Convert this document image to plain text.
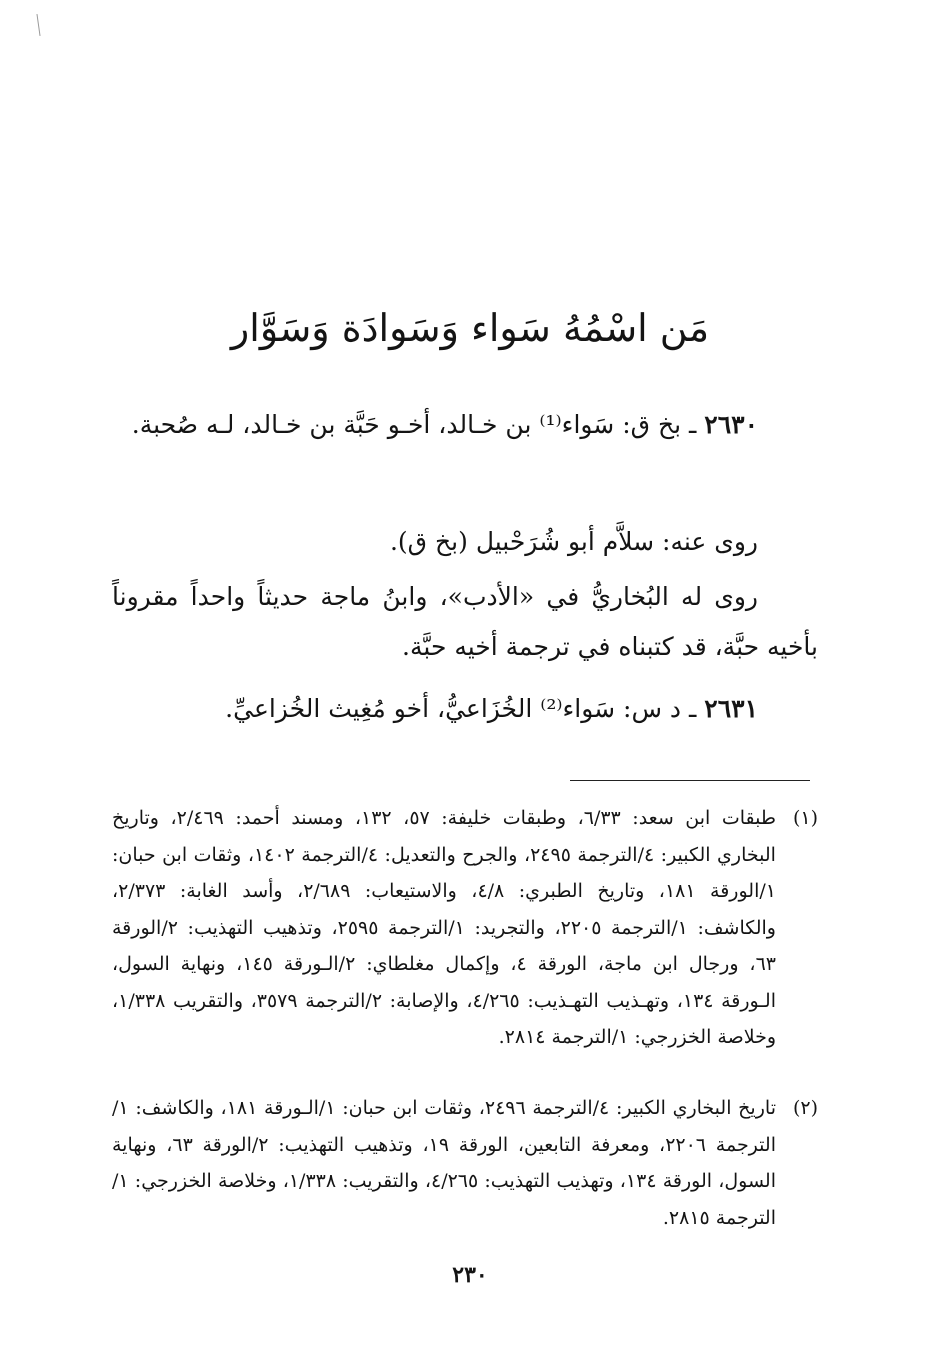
مَن اسْمُهُ سَواء وَسَوادَة وَسَوَّار

٢٦٣٠ ـ بخ ق: سَواء⁽¹⁾ بن خـالد، أخـو حَبَّة بن خـالد، لـه صُحبة.

روى عنه: سلاَّم أبو شُرَحْبيل (بخ ق).

روى له البُخاريُّ في «الأدب»، وابنُ ماجة حديثاً واحداً مقروناً بأخيه حبَّة، قد كتبناه في ترجمة أخيه حبَّة.

٢٦٣١ ـ د س: سَواء⁽²⁾ الخُزَاعيُّ، أخو مُغِيث الخُزاعيِّ.

(١)
طبقات ابن سعد: ٦/٣٣، وطبقات خليفة: ٥٧، ١٣٢، ومسند أحمد: ٢/٤٦٩، وتاريخ البخاري الكبير: ٤/الترجمة ٢٤٩٥، والجرح والتعديل: ٤/الترجمة ١٤٠٢، وثقات ابن حبان: ١/الورقة ١٨١، وتاريخ الطبري: ٤/٨، والاستيعاب: ٢/٦٨٩، وأسد الغابة: ٢/٣٧٣، والكاشف: ١/الترجمة ٢٢٠٥، والتجريد: ١/الترجمة ٢٥٩٥، وتذهيب التهذيب: ٢/الورقة ٦٣، ورجال ابن ماجة، الورقة ٤، وإكمال مغلطاي: ٢/الـورقة ١٤٥، ونهاية السول، الـورقة ١٣٤، وتهـذيب التهـذيب: ٤/٢٦٥، والإصابة: ٢/الترجمة ٣٥٧٩، والتقريب ١/٣٣٨، وخلاصة الخزرجي: ١/الترجمة ٢٨١٤.

(٢)
تاريخ البخاري الكبير: ٤/الترجمة ٢٤٩٦، وثقات ابن حبان: ١/الـورقة ١٨١، والكاشف: ١/الترجمة ٢٢٠٦، ومعرفة التابعين، الورقة ١٩، وتذهيب التهذيب: ٢/الورقة ٦٣، ونهاية السول، الورقة ١٣٤، وتهذيب التهذيب: ٤/٢٦٥، والتقريب: ١/٣٣٨، وخلاصة الخزرجي: ١/الترجمة ٢٨١٥.

٢٣٠
